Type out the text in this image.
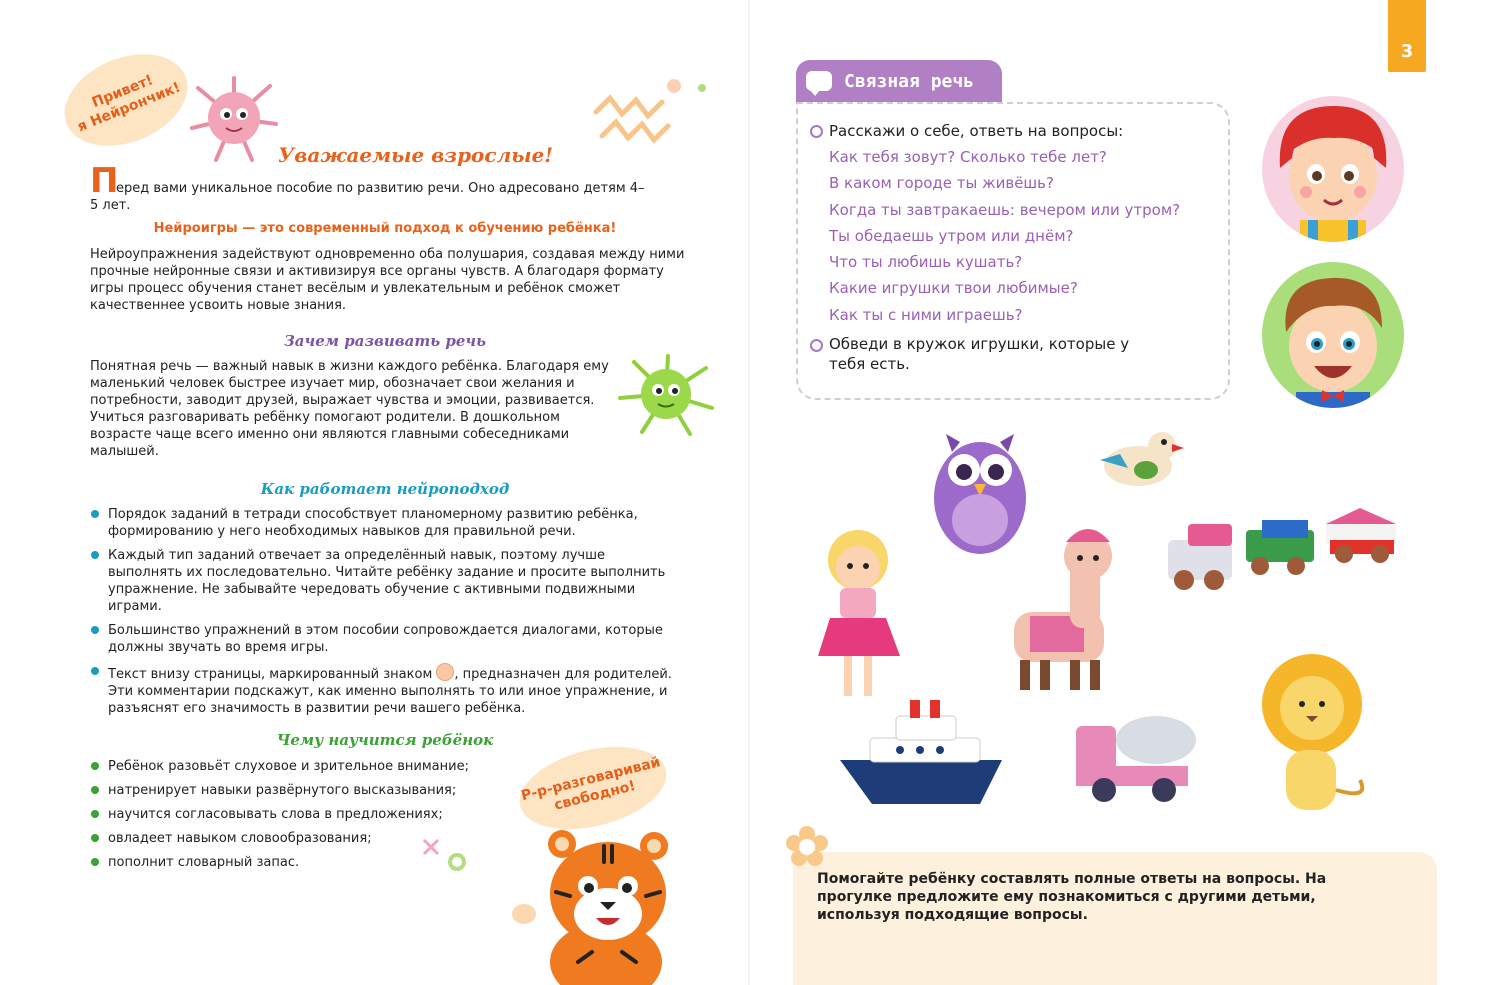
Привет!
я Нейрончик!
Уважаемые взрослые!
П
еред вами уникальное пособие по развитию речи. Оно адресовано детям 4–5 лет.
Нейроигры — это современный подход к обучению ребёнка!
Нейроупражнения задействуют одновременно оба полушария, создавая между ними прочные нейронные связи и активизируя все органы чувств. А благодаря формату игры процесс обучения станет весёлым и увлекательным и ребёнок сможет качественнее усвоить новые знания.
Зачем развивать речь
Понятная речь — важный навык в жизни каждого ребёнка. Благодаря ему маленький человек быстрее изучает мир, обозначает свои желания и потребности, заводит друзей, выражает чувства и эмоции, развивается. Учиться разговаривать ребёнку помогают родители. В дошкольном возрасте чаще всего именно они являются главными собеседниками малышей.
Как работает нейроподход
Порядок заданий в тетради способствует планомерному развитию ребёнка, формированию у него необходимых навыков для правильной речи.
Каждый тип заданий отвечает за определённый навык, поэтому лучше выполнять их последовательно. Читайте ребёнку задание и просите выполнить упражнение. Не забывайте чередовать обучение с активными подвижными играми.
Большинство упражнений в этом пособии сопровождается диалогами, которые должны звучать во время игры.
Текст внизу страницы, маркированный знаком , предназначен для родителей. Эти комментарии подскажут, как именно выполнять то или иное упражнение, и разъяснят его значимость в развитии речи вашего ребёнка.
Чему научится ребёнок
Ребёнок разовьёт слуховое и зрительное внимание;
натренирует навыки развёрнутого высказывания;
научится согласовывать слова в предложениях;
овладеет навыком словообразования;
пополнит словарный запас.
Р-р-разговаривай
свободно!
3
Связная речь
Расскажи о себе, ответь на вопросы:
Как тебя зовут? Сколько тебе лет?
В каком городе ты живёшь?
Когда ты завтракаешь: вечером или утром?
Ты обедаешь утром или днём?
Что ты любишь кушать?
Какие игрушки твои любимые?
Как ты с ними играешь?
Обведи в кружок игрушки, которые у тебя есть.
Помогайте ребёнку составлять полные ответы на вопросы. На прогулке предложите ему познакомиться с другими детьми, используя подходящие вопросы.
